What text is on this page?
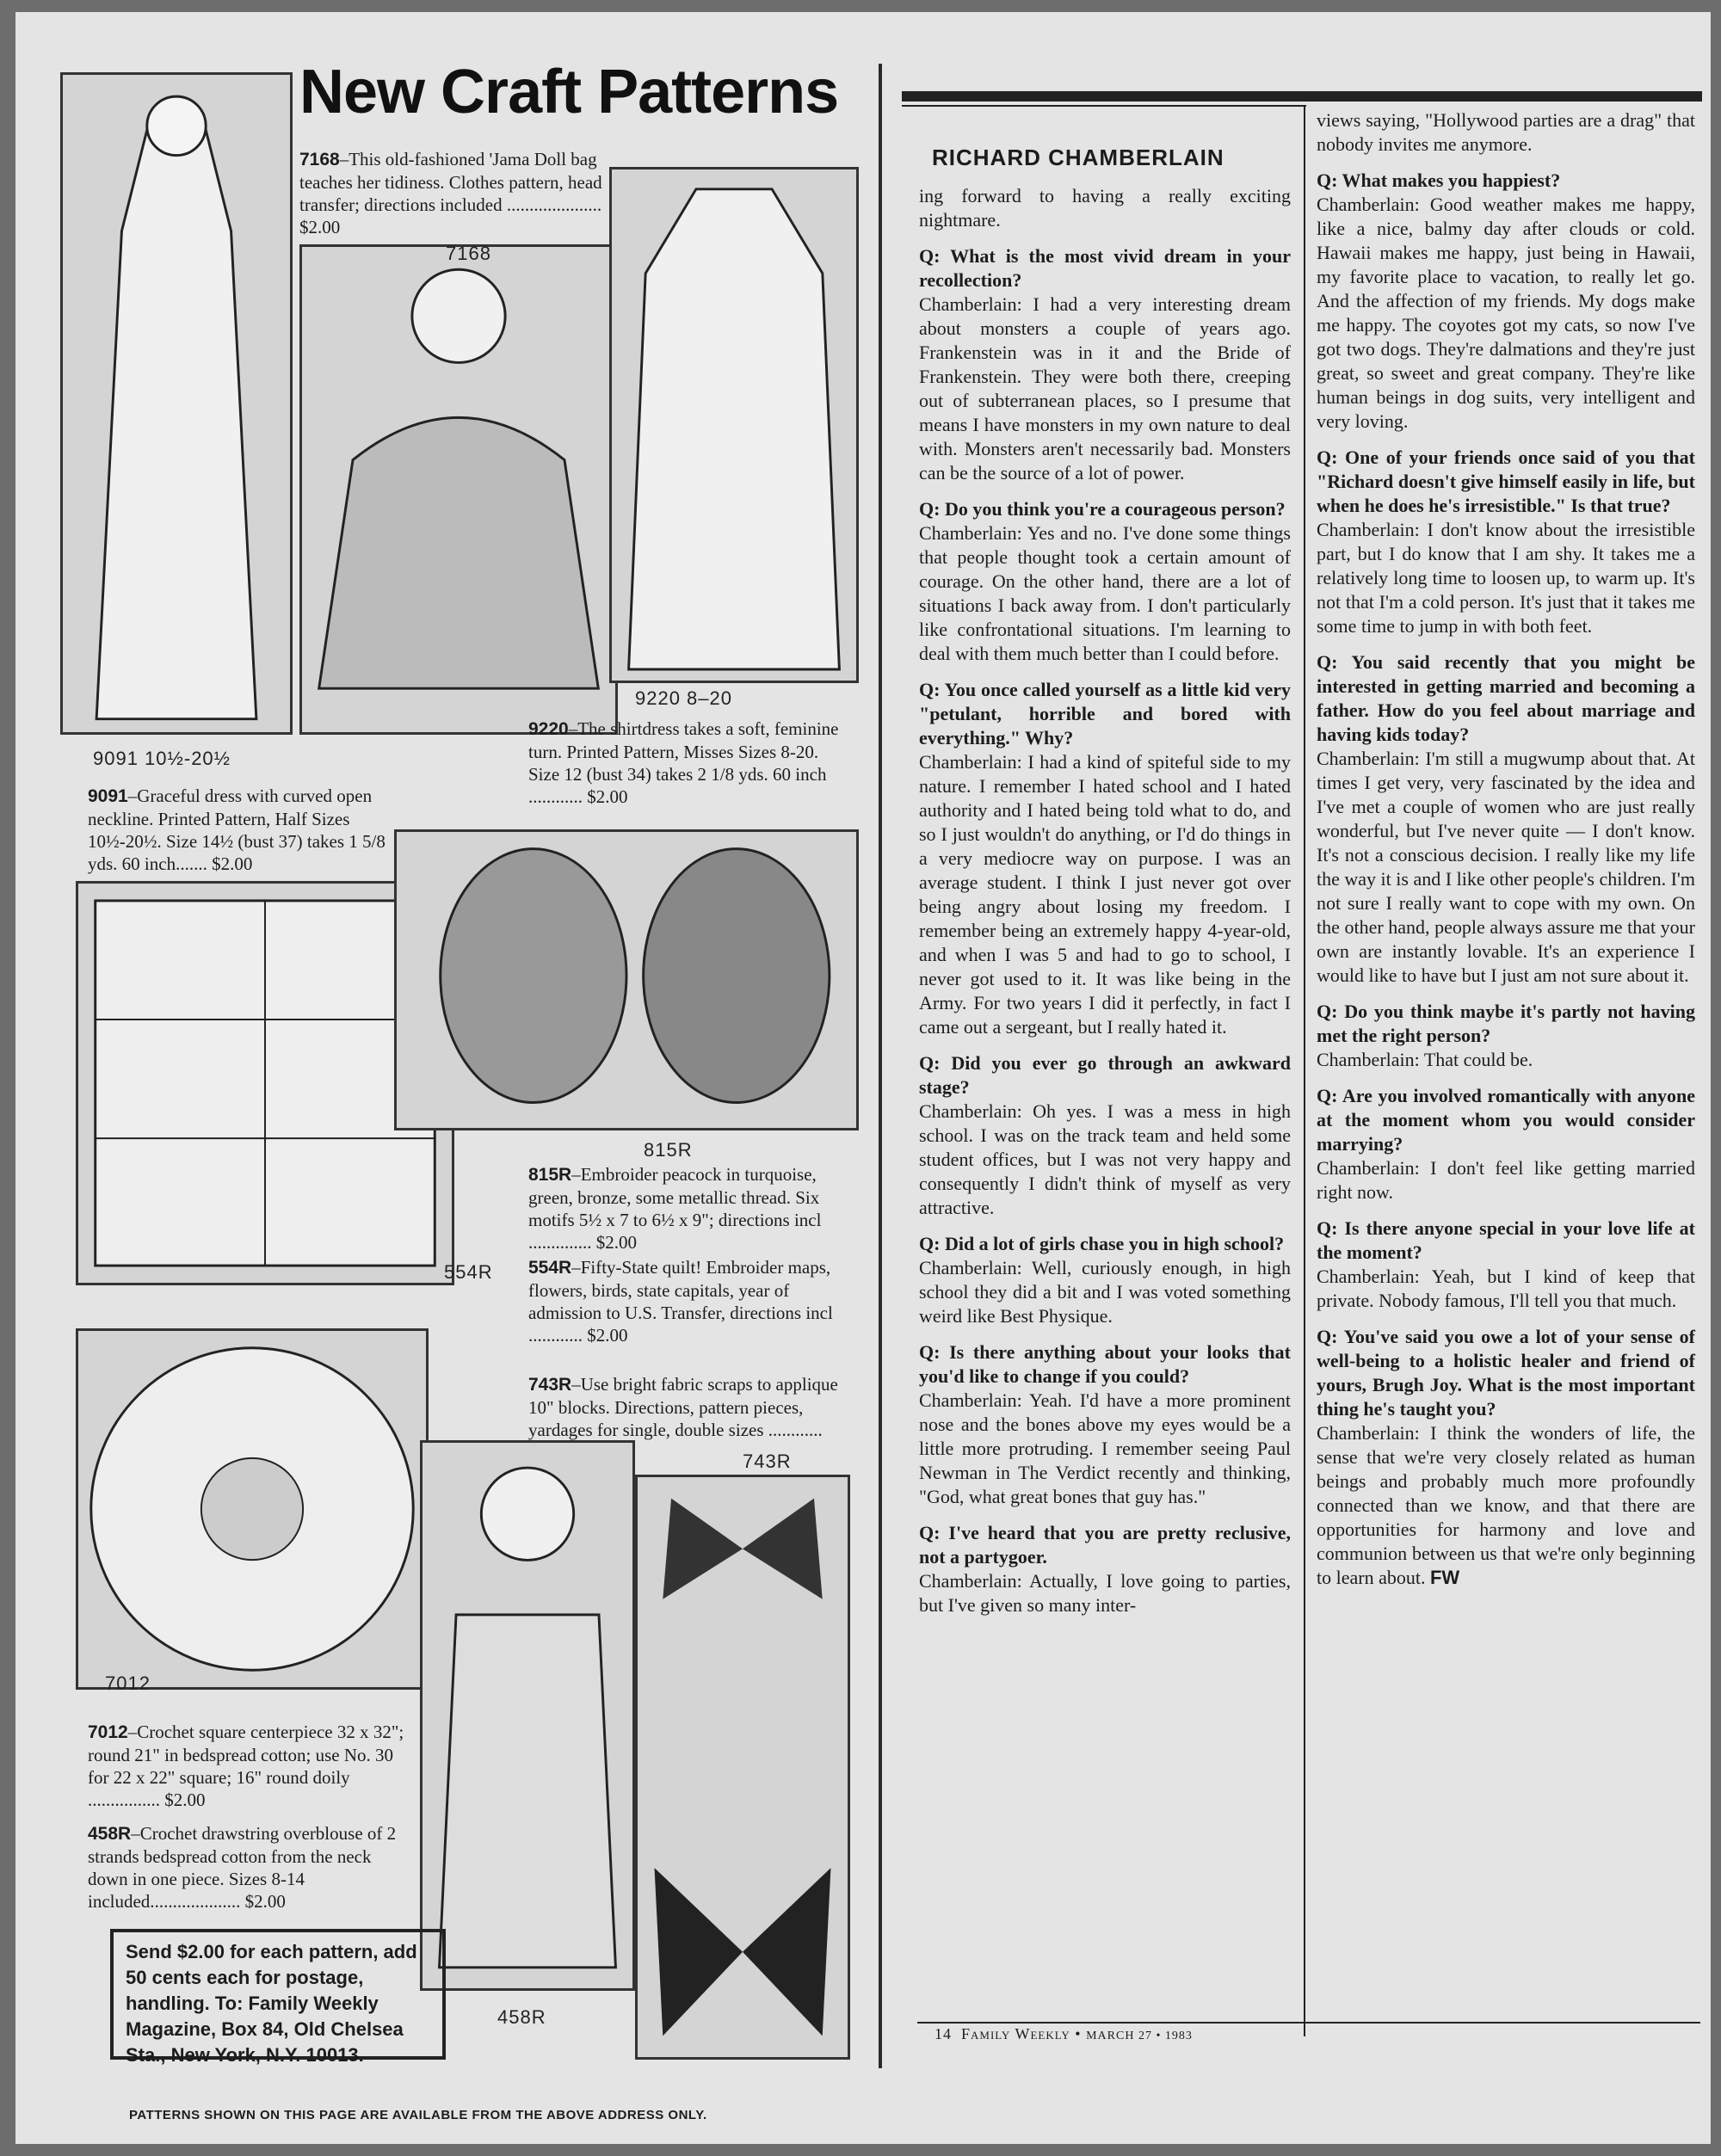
New Craft Patterns
9091 10½-20½
7168
9220 8–20
7168–This old-fashioned 'Jama Doll bag teaches her tidiness. Clothes pattern, head transfer; directions included ..................... $2.00
9091–Graceful dress with curved open neckline. Printed Pattern, Half Sizes 10½-20½. Size 14½ (bust 37) takes 1 5/8 yds. 60 inch....... $2.00
9220–The shirtdress takes a soft, feminine turn. Printed Pattern, Misses Sizes 8-20. Size 12 (bust 34) takes 2 1/8 yds. 60 inch ............ $2.00
554R
815R
815R–Embroider peacock in turquoise, green, bronze, some metallic thread. Six motifs 5½ x 7 to 6½ x 9"; directions incl .............. $2.00
554R–Fifty-State quilt! Embroider maps, flowers, birds, state capitals, year of admission to U.S. Transfer, directions incl ............ $2.00
743R–Use bright fabric scraps to applique 10" blocks. Directions, pattern pieces, yardages for single, double sizes ............
7012
743R
458R
7012–Crochet square centerpiece 32 x 32"; round 21" in bedspread cotton; use No. 30 for 22 x 22" square; 16" round doily ................ $2.00
458R–Crochet drawstring overblouse of 2 strands bedspread cotton from the neck down in one piece. Sizes 8-14 included.................... $2.00
Send $2.00 for each pattern, add 50 cents each for postage, handling. To: Family Weekly Magazine, Box 84, Old Chelsea Sta., New York, N.Y. 10013.
PATTERNS SHOWN ON THIS PAGE ARE AVAILABLE FROM THE ABOVE ADDRESS ONLY.
RICHARD CHAMBERLAIN

ing forward to having a really exciting nightmare.

Q: What is the most vivid dream in your recollection?
Chamberlain: I had a very interesting dream about monsters a couple of years ago. Frankenstein was in it and the Bride of Frankenstein. They were both there, creeping out of subterranean places, so I presume that means I have monsters in my own nature to deal with. Monsters aren't necessarily bad. Monsters can be the source of a lot of power.

Q: Do you think you're a courageous person?
Chamberlain: Yes and no. I've done some things that people thought took a certain amount of courage. On the other hand, there are a lot of situations I back away from. I don't particularly like confrontational situations. I'm learning to deal with them much better than I could before.

Q: You once called yourself as a little kid very "petulant, horrible and bored with everything." Why?
Chamberlain: I had a kind of spiteful side to my nature. I remember I hated school and I hated authority and I hated being told what to do, and so I just wouldn't do anything, or I'd do things in a very mediocre way on purpose. I was an average student. I think I just never got over being angry about losing my freedom. I remember being an extremely happy 4-year-old, and when I was 5 and had to go to school, I never got used to it. It was like being in the Army. For two years I did it perfectly, in fact I came out a sergeant, but I really hated it.

Q: Did you ever go through an awkward stage?
Chamberlain: Oh yes. I was a mess in high school. I was on the track team and held some student offices, but I was not very happy and consequently I didn't think of myself as very attractive.

Q: Did a lot of girls chase you in high school?
Chamberlain: Well, curiously enough, in high school they did a bit and I was voted something weird like Best Physique.

Q: Is there anything about your looks that you'd like to change if you could?
Chamberlain: Yeah. I'd have a more prominent nose and the bones above my eyes would be a little more protruding. I remember seeing Paul Newman in The Verdict recently and thinking, "God, what great bones that guy has."

Q: I've heard that you are pretty reclusive, not a partygoer.
Chamberlain: Actually, I love going to parties, but I've given so many inter-

views saying, "Hollywood parties are a drag" that nobody invites me anymore.

Q: What makes you happiest?
Chamberlain: Good weather makes me happy, like a nice, balmy day after clouds or cold. Hawaii makes me happy, just being in Hawaii, my favorite place to vacation, to really let go. And the affection of my friends. My dogs make me happy. The coyotes got my cats, so now I've got two dogs. They're dalmations and they're just great, so sweet and great company. They're like human beings in dog suits, very intelligent and very loving.

Q: One of your friends once said of you that "Richard doesn't give himself easily in life, but when he does he's irresistible." Is that true?
Chamberlain: I don't know about the irresistible part, but I do know that I am shy. It takes me a relatively long time to loosen up, to warm up. It's not that I'm a cold person. It's just that it takes me some time to jump in with both feet.

Q: You said recently that you might be interested in getting married and becoming a father. How do you feel about marriage and having kids today?
Chamberlain: I'm still a mugwump about that. At times I get very, very fascinated by the idea and I've met a couple of women who are just really wonderful, but I've never quite — I don't know. It's not a conscious decision. I really like my life the way it is and I like other people's children. I'm not sure I really want to cope with my own. On the other hand, people always assure me that your own are instantly lovable. It's an experience I would like to have but I just am not sure about it.

Q: Do you think maybe it's partly not having met the right person?
Chamberlain: That could be.

Q: Are you involved romantically with anyone at the moment whom you would consider marrying?
Chamberlain: I don't feel like getting married right now.

Q: Is there anyone special in your love life at the moment?
Chamberlain: Yeah, but I kind of keep that private. Nobody famous, I'll tell you that much.

Q: You've said you owe a lot of your sense of well-being to a holistic healer and friend of yours, Brugh Joy. What is the most important thing he's taught you?
Chamberlain: I think the wonders of life, the sense that we're very closely related as human beings and probably much more profoundly connected than we know, and that there are opportunities for harmony and love and communion between us that we're only beginning to learn about. FW

14 Family Weekly • MARCH 27 • 1983
